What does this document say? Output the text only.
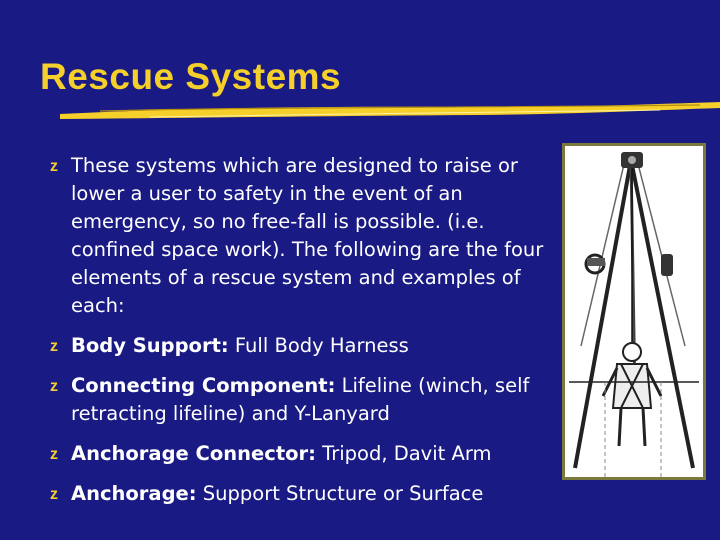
Rescue Systems
z These systems which are designed to raise or lower a user to safety in the event of an emergency, so no free-fall is possible. (i.e. confined space work). The following are the four elements of a rescue system and examples of each:
z Body Support: Full Body Harness
z Connecting Component: Lifeline (winch, self retracting lifeline) and Y-Lanyard
z Anchorage Connector: Tripod, Davit Arm
z Anchorage: Support Structure or Surface
